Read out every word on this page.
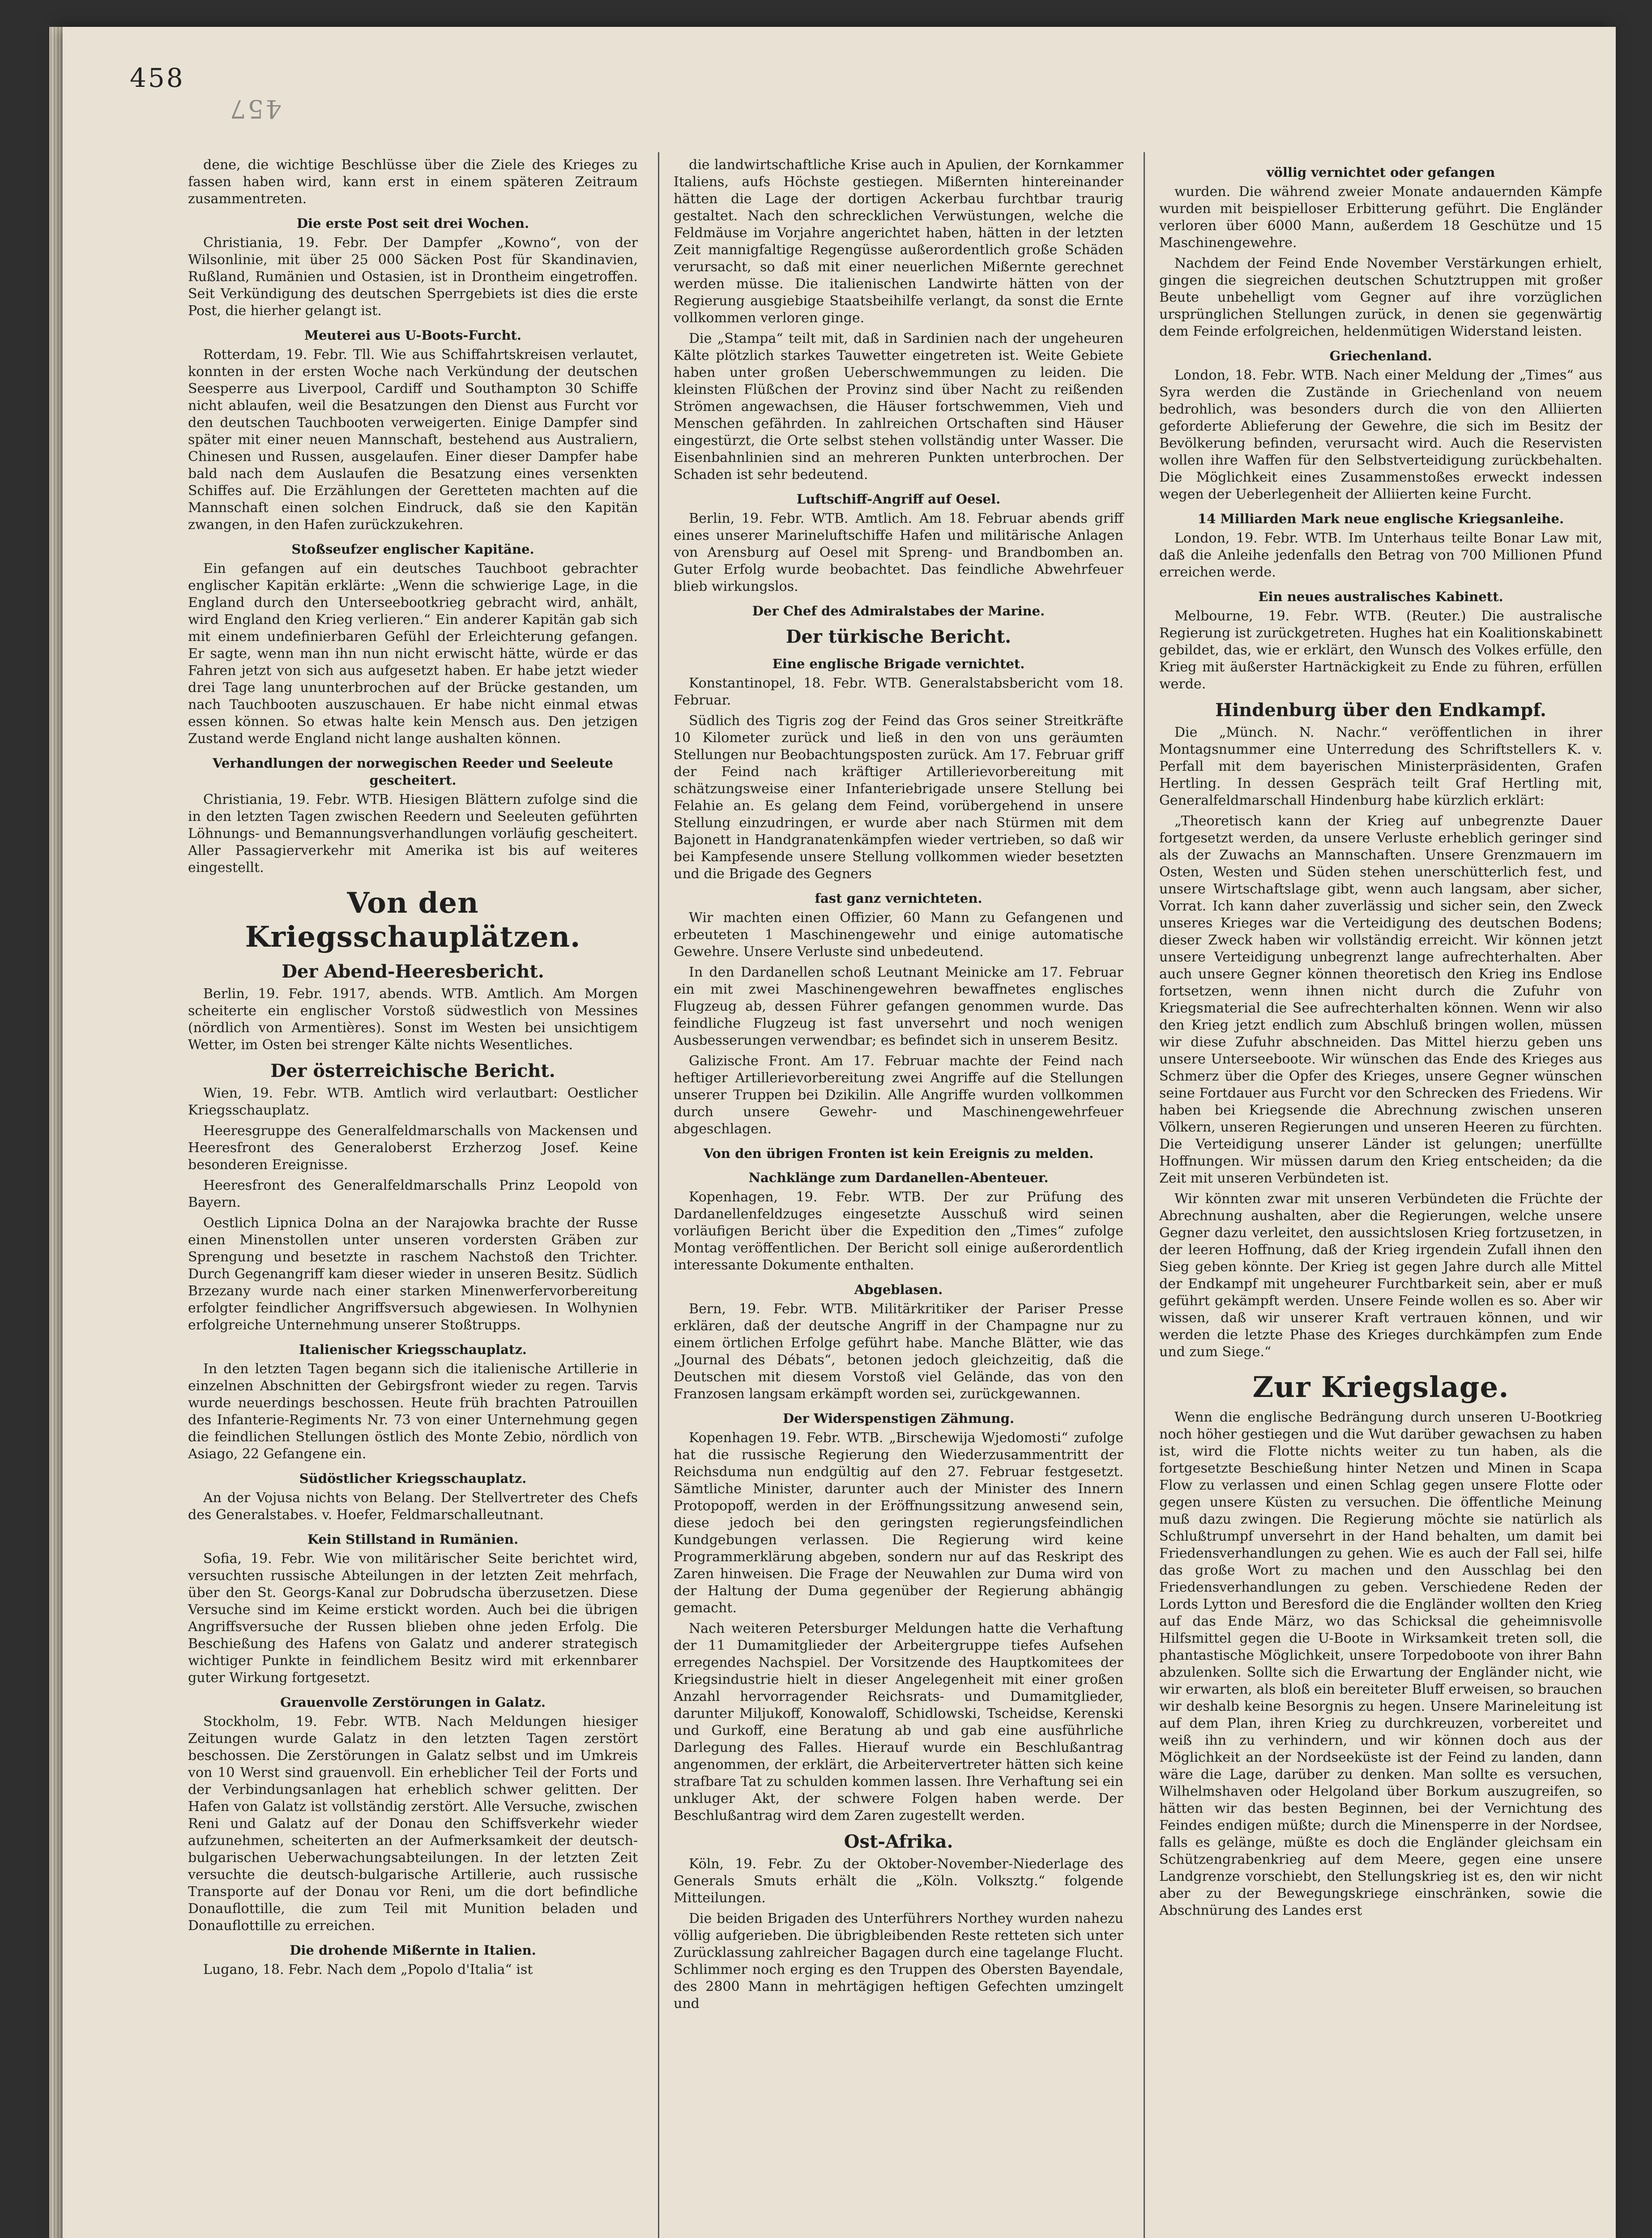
458
457

dene, die wichtige Beschlüsse über die Ziele des Krieges zu fassen haben wird, kann erst in einem späteren Zeitraum zusammentreten.

Die erste Post seit drei Wochen.

Christiania, 19. Febr. Der Dampfer „Kowno“, von der Wilsonlinie, mit über 25 000 Säcken Post für Skandinavien, Rußland, Rumänien und Ostasien, ist in Drontheim eingetroffen. Seit Verkündigung des deutschen Sperrgebiets ist dies die erste Post, die hierher gelangt ist.

Meuterei aus U-Boots-Furcht.

Rotterdam, 19. Febr. Tll. Wie aus Schiffahrtskreisen verlautet, konnten in der ersten Woche nach Verkündung der deutschen Seesperre aus Liverpool, Cardiff und Southampton 30 Schiffe nicht ablaufen, weil die Besatzungen den Dienst aus Furcht vor den deutschen Tauchbooten verweigerten. Einige Dampfer sind später mit einer neuen Mannschaft, bestehend aus Australiern, Chinesen und Russen, ausgelaufen. Einer dieser Dampfer habe bald nach dem Auslaufen die Besatzung eines versenkten Schiffes auf. Die Erzählungen der Geretteten machten auf die Mannschaft einen solchen Eindruck, daß sie den Kapitän zwangen, in den Hafen zurückzukehren.

Stoßseufzer englischer Kapitäne.

Ein gefangen auf ein deutsches Tauchboot gebrachter englischer Kapitän erklärte: „Wenn die schwierige Lage, in die England durch den Unterseebootkrieg gebracht wird, anhält, wird England den Krieg verlieren.“ Ein anderer Kapitän gab sich mit einem undefinierbaren Gefühl der Erleichterung gefangen. Er sagte, wenn man ihn nun nicht erwischt hätte, würde er das Fahren jetzt von sich aus aufgesetzt haben. Er habe jetzt wieder drei Tage lang ununterbrochen auf der Brücke gestanden, um nach Tauchbooten auszuschauen. Er habe nicht einmal etwas essen können. So etwas halte kein Mensch aus. Den jetzigen Zustand werde England nicht lange aushalten können.

Verhandlungen der norwegischen Reeder und Seeleute gescheitert.

Christiania, 19. Febr. WTB. Hiesigen Blättern zufolge sind die in den letzten Tagen zwischen Reedern und Seeleuten geführten Löhnungs- und Bemannungsverhandlungen vorläufig gescheitert. Aller Passagierverkehr mit Amerika ist bis auf weiteres eingestellt.

Von den Kriegsschauplätzen.
Der Abend-Heeresbericht.

Berlin, 19. Febr. 1917, abends. WTB. Amtlich. Am Morgen scheiterte ein englischer Vorstoß südwestlich von Messines (nördlich von Armentières). Sonst im Westen bei unsichtigem Wetter, im Osten bei strenger Kälte nichts Wesentliches.

Der österreichische Bericht.

Wien, 19. Febr. WTB. Amtlich wird verlautbart: Oestlicher Kriegsschauplatz.

Heeresgruppe des Generalfeldmarschalls von Mackensen und Heeresfront des Generaloberst Erzherzog Josef. Keine besonderen Ereignisse.

Heeresfront des Generalfeldmarschalls Prinz Leopold von Bayern.

Oestlich Lipnica Dolna an der Narajowka brachte der Russe einen Minenstollen unter unseren vordersten Gräben zur Sprengung und besetzte in raschem Nachstoß den Trichter. Durch Gegenangriff kam dieser wieder in unseren Besitz. Südlich Brzezany wurde nach einer starken Minenwerfervorbereitung erfolgter feindlicher Angriffsversuch abgewiesen. In Wolhynien erfolgreiche Unternehmung unserer Stoßtrupps.

Italienischer Kriegsschauplatz.

In den letzten Tagen begann sich die italienische Artillerie in einzelnen Abschnitten der Gebirgsfront wieder zu regen. Tarvis wurde neuerdings beschossen. Heute früh brachten Patrouillen des Infanterie-Regiments Nr. 73 von einer Unternehmung gegen die feindlichen Stellungen östlich des Monte Zebio, nördlich von Asiago, 22 Gefangene ein.

Südöstlicher Kriegsschauplatz.

An der Vojusa nichts von Belang. Der Stellvertreter des Chefs des Generalstabes. v. Hoefer, Feldmarschalleutnant.

Kein Stillstand in Rumänien.

Sofia, 19. Febr. Wie von militärischer Seite berichtet wird, versuchten russische Abteilungen in der letzten Zeit mehrfach, über den St. Georgs-Kanal zur Dobrudscha überzusetzen. Diese Versuche sind im Keime erstickt worden. Auch bei die übrigen Angriffsversuche der Russen blieben ohne jeden Erfolg. Die Beschießung des Hafens von Galatz und anderer strategisch wichtiger Punkte in feindlichem Besitz wird mit erkennbarer guter Wirkung fortgesetzt.

Grauenvolle Zerstörungen in Galatz.

Stockholm, 19. Febr. WTB. Nach Meldungen hiesiger Zeitungen wurde Galatz in den letzten Tagen zerstört beschossen. Die Zerstörungen in Galatz selbst und im Umkreis von 10 Werst sind grauenvoll. Ein erheblicher Teil der Forts und der Verbindungsanlagen hat erheblich schwer gelitten. Der Hafen von Galatz ist vollständig zerstört. Alle Versuche, zwischen Reni und Galatz auf der Donau den Schiffsverkehr wieder aufzunehmen, scheiterten an der Aufmerksamkeit der deutsch-bulgarischen Ueberwachungsabteilungen. In der letzten Zeit versuchte die deutsch-bulgarische Artillerie, auch russische Transporte auf der Donau vor Reni, um die dort befindliche Donauflottille, die zum Teil mit Munition beladen und Donauflottille zu erreichen.

Die drohende Mißernte in Italien.

Lugano, 18. Febr. Nach dem „Popolo d'Italia“ ist

die landwirtschaftliche Krise auch in Apulien, der Kornkammer Italiens, aufs Höchste gestiegen. Mißernten hintereinander hätten die Lage der dortigen Ackerbau furchtbar traurig gestaltet. Nach den schrecklichen Verwüstungen, welche die Feldmäuse im Vorjahre angerichtet haben, hätten in der letzten Zeit mannigfaltige Regengüsse außerordentlich große Schäden verursacht, so daß mit einer neuerlichen Mißernte gerechnet werden müsse. Die italienischen Landwirte hätten von der Regierung ausgiebige Staatsbeihilfe verlangt, da sonst die Ernte vollkommen verloren ginge.

Die „Stampa“ teilt mit, daß in Sardinien nach der ungeheuren Kälte plötzlich starkes Tauwetter eingetreten ist. Weite Gebiete haben unter großen Ueberschwemmungen zu leiden. Die kleinsten Flüßchen der Provinz sind über Nacht zu reißenden Strömen angewachsen, die Häuser fortschwemmen, Vieh und Menschen gefährden. In zahlreichen Ortschaften sind Häuser eingestürzt, die Orte selbst stehen vollständig unter Wasser. Die Eisenbahnlinien sind an mehreren Punkten unterbrochen. Der Schaden ist sehr bedeutend.

Luftschiff-Angriff auf Oesel.

Berlin, 19. Febr. WTB. Amtlich. Am 18. Februar abends griff eines unserer Marineluftschiffe Hafen und militärische Anlagen von Arensburg auf Oesel mit Spreng- und Brandbomben an. Guter Erfolg wurde beobachtet. Das feindliche Abwehrfeuer blieb wirkungslos.

Der Chef des Admiralstabes der Marine.
Der türkische Bericht.
Eine englische Brigade vernichtet.

Konstantinopel, 18. Febr. WTB. Generalstabsbericht vom 18. Februar.

Südlich des Tigris zog der Feind das Gros seiner Streitkräfte 10 Kilometer zurück und ließ in den von uns geräumten Stellungen nur Beobachtungsposten zurück. Am 17. Februar griff der Feind nach kräftiger Artillerievorbereitung mit schätzungsweise einer Infanteriebrigade unsere Stellung bei Felahie an. Es gelang dem Feind, vorübergehend in unsere Stellung einzudringen, er wurde aber nach Stürmen mit dem Bajonett in Handgranatenkämpfen wieder vertrieben, so daß wir bei Kampfesende unsere Stellung vollkommen wieder besetzten und die Brigade des Gegners

fast ganz vernichteten.

Wir machten einen Offizier, 60 Mann zu Gefangenen und erbeuteten 1 Maschinengewehr und einige automatische Gewehre. Unsere Verluste sind unbedeutend.

In den Dardanellen schoß Leutnant Meinicke am 17. Februar ein mit zwei Maschinengewehren bewaffnetes englisches Flugzeug ab, dessen Führer gefangen genommen wurde. Das feindliche Flugzeug ist fast unversehrt und noch wenigen Ausbesserungen verwendbar; es befindet sich in unserem Besitz.

Galizische Front. Am 17. Februar machte der Feind nach heftiger Artillerievorbereitung zwei Angriffe auf die Stellungen unserer Truppen bei Dzikilin. Alle Angriffe wurden vollkommen durch unsere Gewehr- und Maschinengewehrfeuer abgeschlagen.

Von den übrigen Fronten ist kein Ereignis zu melden.
Nachklänge zum Dardanellen-Abenteuer.

Kopenhagen, 19. Febr. WTB. Der zur Prüfung des Dardanellenfeldzuges eingesetzte Ausschuß wird seinen vorläufigen Bericht über die Expedition den „Times“ zufolge Montag veröffentlichen. Der Bericht soll einige außerordentlich interessante Dokumente enthalten.

Abgeblasen.

Bern, 19. Febr. WTB. Militärkritiker der Pariser Presse erklären, daß der deutsche Angriff in der Champagne nur zu einem örtlichen Erfolge geführt habe. Manche Blätter, wie das „Journal des Débats“, betonen jedoch gleichzeitig, daß die Deutschen mit diesem Vorstoß viel Gelände, das von den Franzosen langsam erkämpft worden sei, zurückgewannen.

Der Widerspenstigen Zähmung.

Kopenhagen 19. Febr. WTB. „Birschewija Wjedomosti“ zufolge hat die russische Regierung den Wiederzusammentritt der Reichsduma nun endgültig auf den 27. Februar festgesetzt. Sämtliche Minister, darunter auch der Minister des Innern Protopopoff, werden in der Eröffnungssitzung anwesend sein, diese jedoch bei den geringsten regierungsfeindlichen Kundgebungen verlassen. Die Regierung wird keine Programmerklärung abgeben, sondern nur auf das Reskript des Zaren hinweisen. Die Frage der Neuwahlen zur Duma wird von der Haltung der Duma gegenüber der Regierung abhängig gemacht.

Nach weiteren Petersburger Meldungen hatte die Verhaftung der 11 Dumamitglieder der Arbeitergruppe tiefes Aufsehen erregendes Nachspiel. Der Vorsitzende des Hauptkomitees der Kriegsindustrie hielt in dieser Angelegenheit mit einer großen Anzahl hervorragender Reichsrats- und Dumamitglieder, darunter Miljukoff, Konowaloff, Schidlowski, Tscheidse, Kerenski und Gurkoff, eine Beratung ab und gab eine ausführliche Darlegung des Falles. Hierauf wurde ein Beschlußantrag angenommen, der erklärt, die Arbeitervertreter hätten sich keine strafbare Tat zu schulden kommen lassen. Ihre Verhaftung sei ein unkluger Akt, der schwere Folgen haben werde. Der Beschlußantrag wird dem Zaren zugestellt werden.

Ost-Afrika.

Köln, 19. Febr. Zu der Oktober-November-Niederlage des Generals Smuts erhält die „Köln. Volksztg.“ folgende Mitteilungen.

Die beiden Brigaden des Unterführers Northey wurden nahezu völlig aufgerieben. Die übrigbleibenden Reste retteten sich unter Zurücklassung zahlreicher Bagagen durch eine tagelange Flucht. Schlimmer noch erging es den Truppen des Obersten Bayendale, des 2800 Mann in mehrtägigen heftigen Gefechten umzingelt und

völlig vernichtet oder gefangen

wurden. Die während zweier Monate andauernden Kämpfe wurden mit beispielloser Erbitterung geführt. Die Engländer verloren über 6000 Mann, außerdem 18 Geschütze und 15 Maschinengewehre.

Nachdem der Feind Ende November Verstärkungen erhielt, gingen die siegreichen deutschen Schutztruppen mit großer Beute unbehelligt vom Gegner auf ihre vorzüglichen ursprünglichen Stellungen zurück, in denen sie gegenwärtig dem Feinde erfolgreichen, heldenmütigen Widerstand leisten.

Griechenland.

London, 18. Febr. WTB. Nach einer Meldung der „Times“ aus Syra werden die Zustände in Griechenland von neuem bedrohlich, was besonders durch die von den Alliierten geforderte Ablieferung der Gewehre, die sich im Besitz der Bevölkerung befinden, verursacht wird. Auch die Reservisten wollen ihre Waffen für den Selbstverteidigung zurückbehalten. Die Möglichkeit eines Zusammenstoßes erweckt indessen wegen der Ueberlegenheit der Alliierten keine Furcht.

14 Milliarden Mark neue englische Kriegsanleihe.

London, 19. Febr. WTB. Im Unterhaus teilte Bonar Law mit, daß die Anleihe jedenfalls den Betrag von 700 Millionen Pfund erreichen werde.

Ein neues australisches Kabinett.

Melbourne, 19. Febr. WTB. (Reuter.) Die australische Regierung ist zurückgetreten. Hughes hat ein Koalitionskabinett gebildet, das, wie er erklärt, den Wunsch des Volkes erfülle, den Krieg mit äußerster Hartnäckigkeit zu Ende zu führen, erfüllen werde.

Hindenburg über den Endkampf.

Die „Münch. N. Nachr.“ veröffentlichen in ihrer Montagsnummer eine Unterredung des Schriftstellers K. v. Perfall mit dem bayerischen Ministerpräsidenten, Grafen Hertling. In dessen Gespräch teilt Graf Hertling mit, Generalfeldmarschall Hindenburg habe kürzlich erklärt:

„Theoretisch kann der Krieg auf unbegrenzte Dauer fortgesetzt werden, da unsere Verluste erheblich geringer sind als der Zuwachs an Mannschaften. Unsere Grenzmauern im Osten, Westen und Süden stehen unerschütterlich fest, und unsere Wirtschaftslage gibt, wenn auch langsam, aber sicher, Vorrat. Ich kann daher zuverlässig und sicher sein, den Zweck unseres Krieges war die Verteidigung des deutschen Bodens; dieser Zweck haben wir vollständig erreicht. Wir können jetzt unsere Verteidigung unbegrenzt lange aufrechterhalten. Aber auch unsere Gegner können theoretisch den Krieg ins Endlose fortsetzen, wenn ihnen nicht durch die Zufuhr von Kriegsmaterial die See aufrechterhalten können. Wenn wir also den Krieg jetzt endlich zum Abschluß bringen wollen, müssen wir diese Zufuhr abschneiden. Das Mittel hierzu geben uns unsere Unterseeboote. Wir wünschen das Ende des Krieges aus Schmerz über die Opfer des Krieges, unsere Gegner wünschen seine Fortdauer aus Furcht vor den Schrecken des Friedens. Wir haben bei Kriegsende die Abrechnung zwischen unseren Völkern, unseren Regierungen und unseren Heeren zu fürchten. Die Verteidigung unserer Länder ist gelungen; unerfüllte Hoffnungen. Wir müssen darum den Krieg entscheiden; da die Zeit mit unseren Verbündeten ist.

Wir könnten zwar mit unseren Verbündeten die Früchte der Abrechnung aushalten, aber die Regierungen, welche unsere Gegner dazu verleitet, den aussichtslosen Krieg fortzusetzen, in der leeren Hoffnung, daß der Krieg irgendein Zufall ihnen den Sieg geben könnte. Der Krieg ist gegen Jahre durch alle Mittel der Endkampf mit ungeheurer Furchtbarkeit sein, aber er muß geführt gekämpft werden. Unsere Feinde wollen es so. Aber wir wissen, daß wir unserer Kraft vertrauen können, und wir werden die letzte Phase des Krieges durchkämpfen zum Ende und zum Siege.“

Zur Kriegslage.

Wenn die englische Bedrängung durch unseren U-Bootkrieg noch höher gestiegen und die Wut darüber gewachsen zu haben ist, wird die Flotte nichts weiter zu tun haben, als die fortgesetzte Beschießung hinter Netzen und Minen in Scapa Flow zu verlassen und einen Schlag gegen unsere Flotte oder gegen unsere Küsten zu versuchen. Die öffentliche Meinung muß dazu zwingen. Die Regierung möchte sie natürlich als Schlußtrumpf unversehrt in der Hand behalten, um damit bei Friedensverhandlungen zu gehen. Wie es auch der Fall sei, hilfe das große Wort zu machen und den Ausschlag bei den Friedensverhandlungen zu geben. Verschiedene Reden der Lords Lytton und Beresford die die Engländer wollten den Krieg auf das Ende März, wo das Schicksal die geheimnisvolle Hilfsmittel gegen die U-Boote in Wirksamkeit treten soll, die phantastische Möglichkeit, unsere Torpedoboote von ihrer Bahn abzulenken. Sollte sich die Erwartung der Engländer nicht, wie wir erwarten, als bloß ein bereiteter Bluff erweisen, so brauchen wir deshalb keine Besorgnis zu hegen. Unsere Marineleitung ist auf dem Plan, ihren Krieg zu durchkreuzen, vorbereitet und weiß ihn zu verhindern, und wir können doch aus der Möglichkeit an der Nordseeküste ist der Feind zu landen, dann wäre die Lage, darüber zu denken. Man sollte es versuchen, Wilhelmshaven oder Helgoland über Borkum auszugreifen, so hätten wir das besten Beginnen, bei der Vernichtung des Feindes endigen müßte; durch die Minensperre in der Nordsee, falls es gelänge, müßte es doch die Engländer gleichsam ein Schützengrabenkrieg auf dem Meere, gegen eine unsere Landgrenze vorschiebt, den Stellungskrieg ist es, den wir nicht aber zu der Bewegungskriege einschränken, sowie die Abschnürung des Landes erst
